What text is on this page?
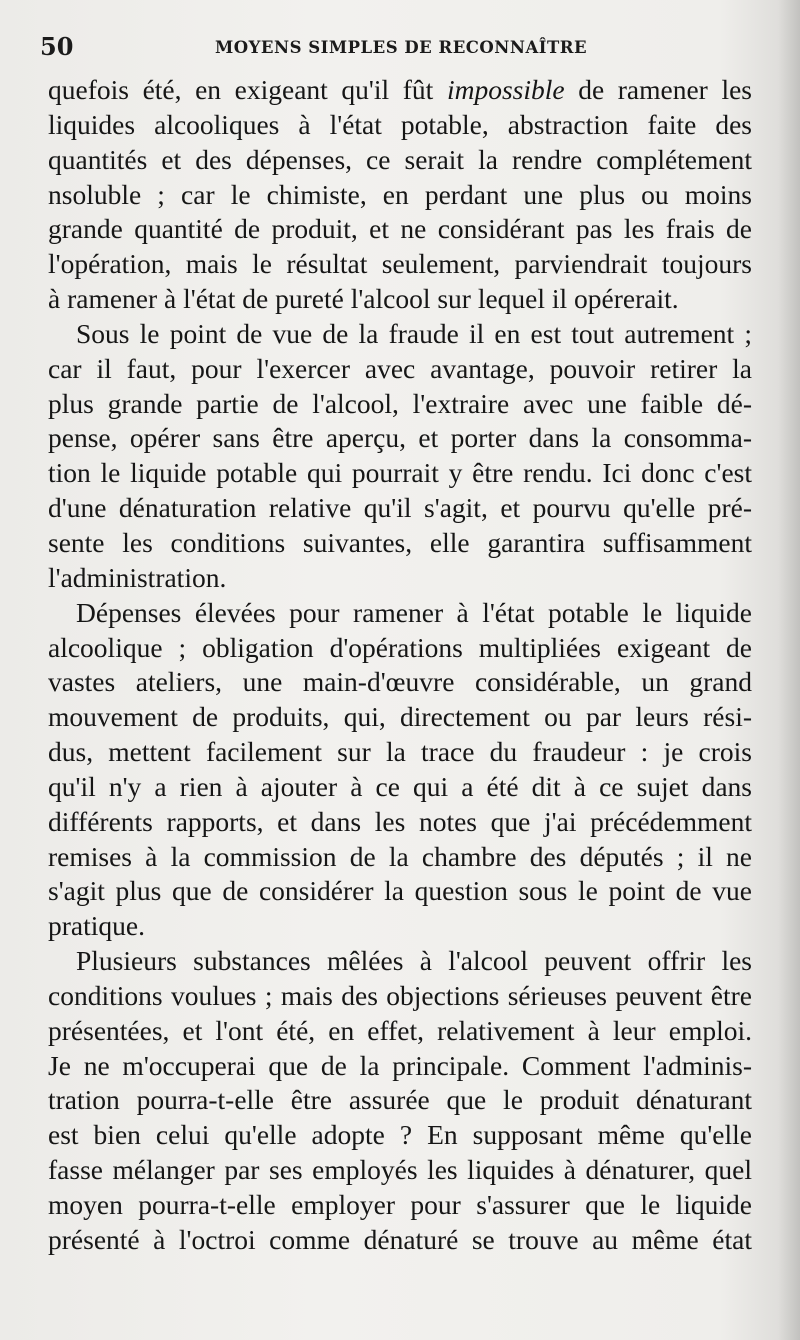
50	MOYENS SIMPLES DE RECONNAÎTRE

quefois été, en exigeant qu'il fût impossible de ramener les

liquides alcooliques à l'état potable, abstraction faite des

quantités et des dépenses, ce serait la rendre complétement

nsoluble ; car le chimiste, en perdant une plus ou moins

grande quantité de produit, et ne considérant pas les frais de

l'opération, mais le résultat seulement, parviendrait toujours

à ramener à l'état de pureté l'alcool sur lequel il opérerait.

Sous le point de vue de la fraude il en est tout autrement ;

car il faut, pour l'exercer avec avantage, pouvoir retirer la

plus grande partie de l'alcool, l'extraire avec une faible dé-

pense, opérer sans être aperçu, et porter dans la consomma-

tion le liquide potable qui pourrait y être rendu. Ici donc c'est

d'une dénaturation relative qu'il s'agit, et pourvu qu'elle pré-

sente les conditions suivantes, elle garantira suffisamment

l'administration.

Dépenses élevées pour ramener à l'état potable le liquide

alcoolique ; obligation d'opérations multipliées exigeant de

vastes ateliers, une main-d'œuvre considérable, un grand

mouvement de produits, qui, directement ou par leurs rési-

dus, mettent facilement sur la trace du fraudeur : je crois

qu'il n'y a rien à ajouter à ce qui a été dit à ce sujet dans

différents rapports, et dans les notes que j'ai précédemment

remises à la commission de la chambre des députés ; il ne

s'agit plus que de considérer la question sous le point de vue

pratique.

Plusieurs substances mêlées à l'alcool peuvent offrir les

conditions voulues ; mais des objections sérieuses peuvent être

présentées, et l'ont été, en effet, relativement à leur emploi.

Je ne m'occuperai que de la principale. Comment l'adminis-

tration pourra-t-elle être assurée que le produit dénaturant

est bien celui qu'elle adopte ? En supposant même qu'elle

fasse mélanger par ses employés les liquides à dénaturer, quel

moyen pourra-t-elle employer pour s'assurer que le liquide

présenté à l'octroi comme dénaturé se trouve au même état
